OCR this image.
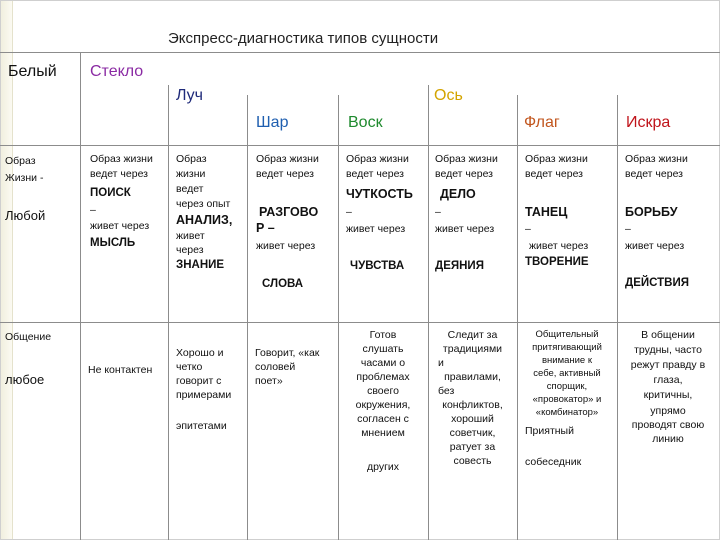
Экспресс-диагностика типов сущности
Белый Стекло
Луч
Шар	Воск
Ось
Флаг	Искра
Образ
Жизни -
Любой
Образ жизни
ведет через
ПОИСК
–
живет через
МЫСЛЬ
Образ
жизни
ведет
через опыт
АНАЛИЗ,
живет
через
ЗНАНИЕ
Образ жизни
ведет через
РАЗГОВО
Р –
живет через
СЛОВА
Образ жизни
ведет через
ЧУТКОСТЬ
–
живет через
ЧУВСТВА
Образ жизни
ведет через
ДЕЛО
–
живет через
ДЕЯНИЯ
Образ жизни
ведет через
ТАНЕЦ
–
живет через
ТВОРЕНИЕ
Образ жизни
ведет через
БОРЬБУ
–
живет через
ДЕЙСТВИЯ
Общение
любое
Не контактен
Хорошо и
четко
говорит с
примерами
эпитетами
Говорит, «как
соловей
поет»
Готов
слушать
часами о
проблемах
своего
окружения,
согласен с
мнением
других
Следит за
традициями
и
правилами,
без
конфликтов,
хороший
советчик,
ратует за
совесть
Общительный
притягивающий
внимание к
себе, активный
спорщик,
«провокатор» и
«комбинатор»
Приятный
собеседник
В общении
трудны, часто
режут правду в
глаза,
критичны,
упрямо
проводят свою
линию
